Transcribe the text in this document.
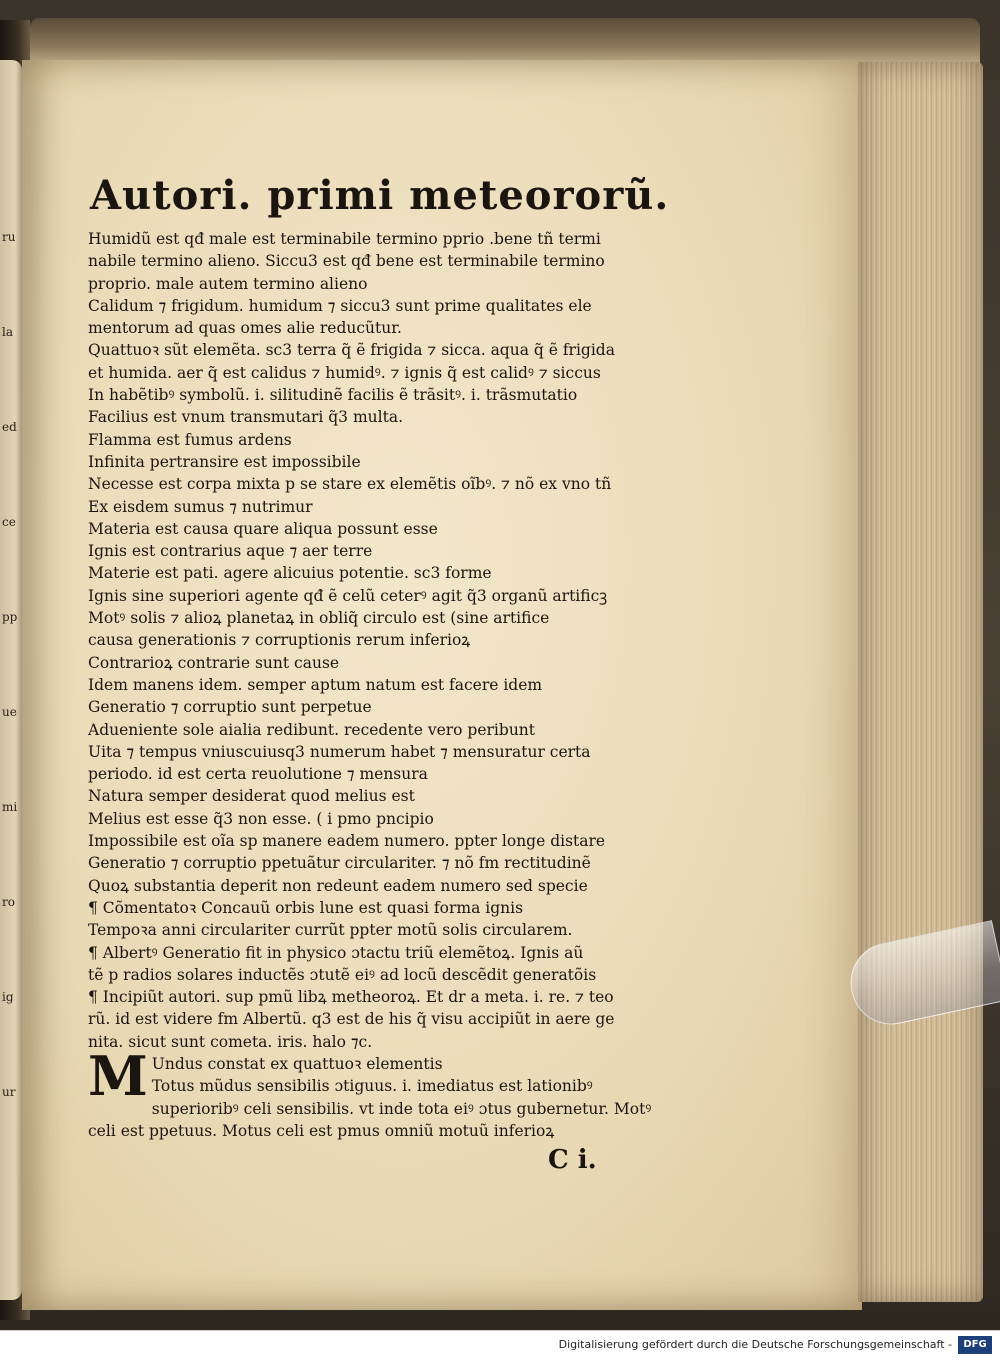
ru
la
ed
ce
pp
ue
mi
ro
ig
ur
Autori. primi meteororũ.
Humidũ est qđ male est terminabile termino pprio .bene tñ termi
nabile termino alieno. Siccu3 est qđ bene est terminabile termino
proprio. male autem termino alieno
Calidum ⁊ frigidum. humidum ⁊ siccu3 sunt prime qualitates ele
mentorum ad quas omes alie reducũtur.
Quattuoꝛ sũt elemẽta. sc3 terra q̃ ẽ frigida ⁊ sicca. aqua q̃ ẽ frigida
et humida. aer q̃ est calidus ⁊ humidꝰ. ⁊ ignis q̃ est calidꝰ ⁊ siccus
In habẽtibꝰ symbolũ. i. silitudinẽ facilis ẽ trãsitꝰ. i. trãsmutatio
Facilius est vnum transmutari q̃3 multa.
Flamma est fumus ardens
Infinita pertransire est impossibile
Necesse est corpa mixta p se stare ex elemẽtis oĩbꝰ. ⁊ nõ ex vno tñ
Ex eisdem sumus ⁊ nutrimur
Materia est causa quare aliqua possunt esse
Ignis est contrarius aque ⁊ aer terre
Materie est pati. agere alicuius potentie. sc3 forme
Ignis sine superiori agente qđ ẽ celũ ceterꝰ agit q̃3 organũ artificꝫ
Motꝰ solis ⁊ alioꝝ planetaꝝ in obliq̃ circulo est (sine artifice
causa generationis ⁊ corruptionis rerum inferioꝝ
Contrarioꝝ contrarie sunt cause
Idem manens idem. semper aptum natum est facere idem
Generatio ⁊ corruptio sunt perpetue
Adueniente sole aialia redibunt. recedente vero peribunt
Uita ⁊ tempus vniuscuiusq3 numerum habet ⁊ mensuratur certa
periodo. id est certa reuolutione ⁊ mensura
Natura semper desiderat quod melius est
Melius est esse q̃3 non esse. ( i pmo pncipio
Impossibile est oĩa sp manere eadem numero. ppter longe distare
Generatio ⁊ corruptio ppetuãtur circulariter. ⁊ nõ fm rectitudinẽ
Quoꝝ substantia deperit non redeunt eadem numero sed specie
¶ Cõmentatoꝛ Concauũ orbis lune est quasi forma ignis
Tempoꝛa anni circulariter currũt ppter motũ solis circularem.
¶ Albertꝰ Generatio fit in physico ɔtactu triũ elemẽtoꝝ. Ignis aũ
tẽ p radios solares inductẽs ɔtutẽ eiꝰ ad locũ descẽdit generatõis
¶ Incipiũt autori. sup pmũ libꝝ metheoroꝝ. Et dr a meta. i. re. ⁊ teo
rũ. id est videre fm Albertũ. q3 est de his q̃ visu accipiũt in aere ge
nita. sicut sunt cometa. iris. halo ⁊c.
M Undus constat ex quattuoꝛ elementis
Totus mũdus sensibilis ɔtiguus. i. imediatus est lationibꝰ
superioribꝰ celi sensibilis. vt inde tota eiꝰ ɔtus gubernetur. Motꝰ
celi est ppetuus. Motus celi est pmus omniũ motuũ inferioꝝ
C i.
Digitalisierung gefördert durch die Deutsche Forschungsgemeinschaft -	DFG
